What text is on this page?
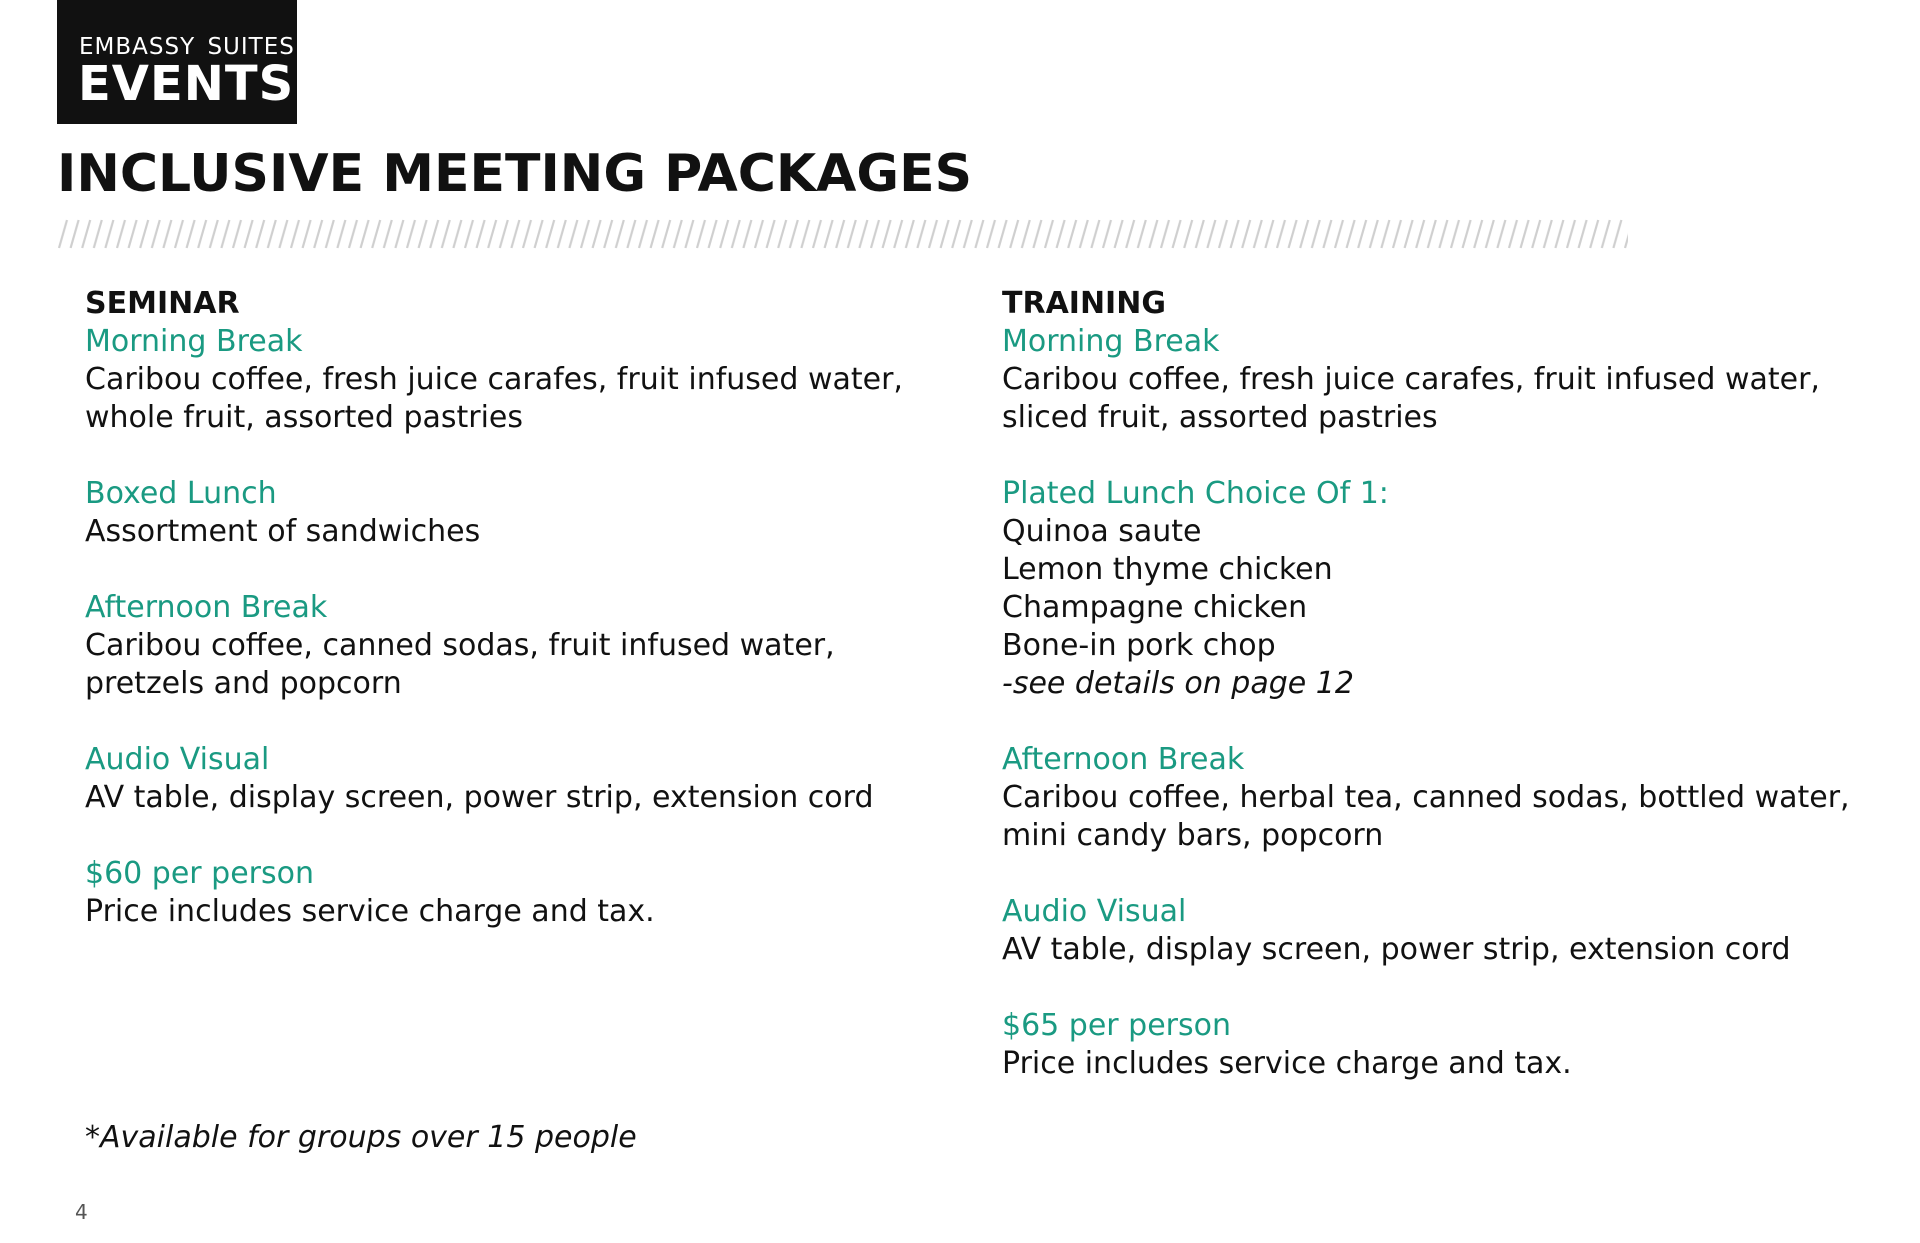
EMBASSY SUITES
EVENTS
INCLUSIVE MEETING PACKAGES
SEMINAR
Morning Break
Caribou coffee, fresh juice carafes, fruit infused water, whole fruit, assorted pastries
Boxed Lunch
Assortment of sandwiches
Afternoon Break
Caribou coffee, canned sodas, fruit infused water, pretzels and popcorn
Audio Visual
AV table, display screen, power strip, extension cord
$60 per person
Price includes service charge and tax.
TRAINING
Morning Break
Caribou coffee, fresh juice carafes, fruit infused water, sliced fruit, assorted pastries
Plated Lunch Choice Of 1:
Quinoa saute
Lemon thyme chicken
Champagne chicken
Bone-in pork chop
-see details on page 12
Afternoon Break
Caribou coffee, herbal tea, canned sodas, bottled water, mini candy bars, popcorn
Audio Visual
AV table, display screen, power strip, extension cord
$65 per person
Price includes service charge and tax.
*Available for groups over 15 people
4
